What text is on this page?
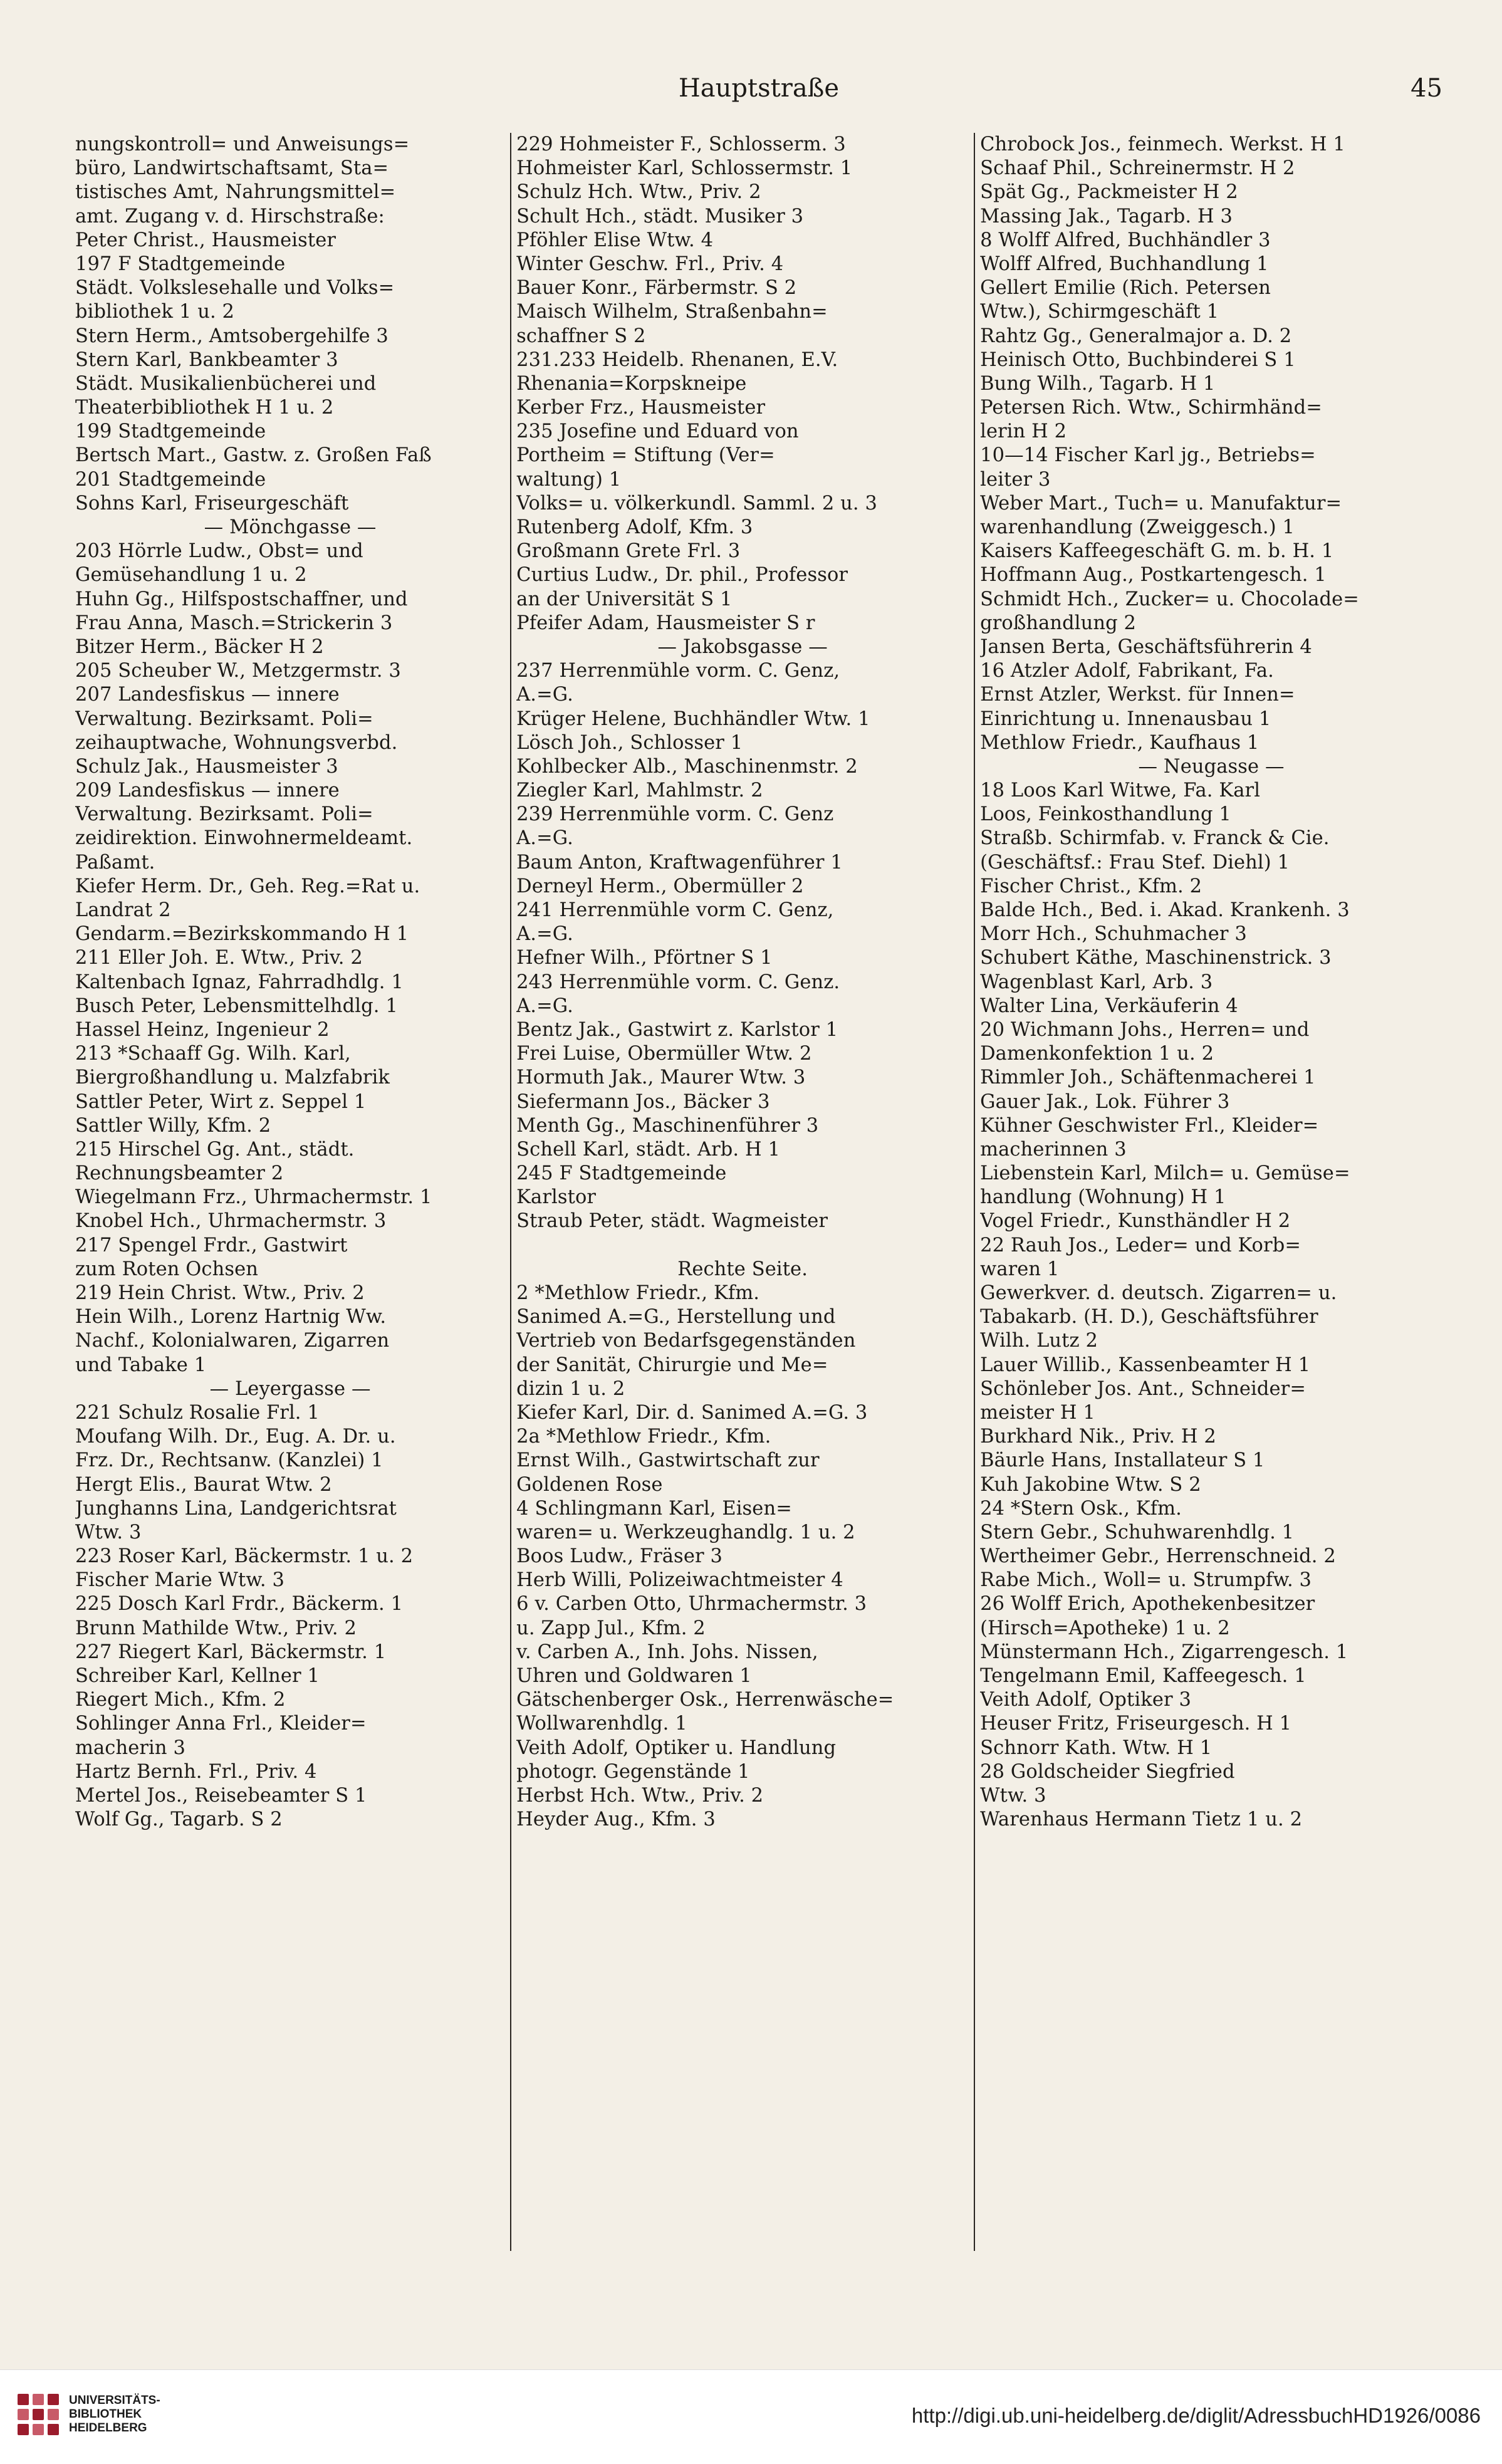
Hauptstraße	45
nungskontroll= und Anweisungs=
büro, Landwirtschaftsamt, Sta=
tistisches Amt, Nahrungsmittel=
amt. Zugang v. d. Hirschstraße:
Peter Christ., Hausmeister
197 F Stadtgemeinde
Städt. Volkslesehalle und Volks=
bibliothek 1 u. 2
Stern Herm., Amtsobergehilfe 3
Stern Karl, Bankbeamter 3
Städt. Musikalienbücherei und
Theaterbibliothek H 1 u. 2
199 Stadtgemeinde
Bertsch Mart., Gastw. z. Großen Faß
201 Stadtgemeinde
Sohns Karl, Friseurgeschäft
— Mönchgasse —
203 Hörrle Ludw., Obst= und
Gemüsehandlung 1 u. 2
Huhn Gg., Hilfspostschaffner, und
Frau Anna, Masch.=Strickerin 3
Bitzer Herm., Bäcker H 2
205 Scheuber W., Metzgermstr. 3
207 Landesfiskus — innere
Verwaltung. Bezirksamt. Poli=
zeihauptwache, Wohnungsverbd.
Schulz Jak., Hausmeister 3
209 Landesfiskus — innere
Verwaltung. Bezirksamt. Poli=
zeidirektion. Einwohnermeldeamt.
Paßamt.
Kiefer Herm. Dr., Geh. Reg.=Rat u.
Landrat 2
Gendarm.=Bezirkskommando H 1
211 Eller Joh. E. Wtw., Priv. 2
Kaltenbach Ignaz, Fahrradhdlg. 1
Busch Peter, Lebensmittelhdlg. 1
Hassel Heinz, Ingenieur 2
213 *Schaaff Gg. Wilh. Karl,
Biergroßhandlung u. Malzfabrik
Sattler Peter, Wirt z. Seppel 1
Sattler Willy, Kfm. 2
215 Hirschel Gg. Ant., städt.
Rechnungsbeamter 2
Wiegelmann Frz., Uhrmachermstr. 1
Knobel Hch., Uhrmachermstr. 3
217 Spengel Frdr., Gastwirt
zum Roten Ochsen
219 Hein Christ. Wtw., Priv. 2
Hein Wilh., Lorenz Hartnig Ww.
Nachf., Kolonialwaren, Zigarren
und Tabake 1
— Leyergasse —
221 Schulz Rosalie Frl. 1
Moufang Wilh. Dr., Eug. A. Dr. u.
Frz. Dr., Rechtsanw. (Kanzlei) 1
Hergt Elis., Baurat Wtw. 2
Junghanns Lina, Landgerichtsrat
Wtw. 3
223 Roser Karl, Bäckermstr. 1 u. 2
Fischer Marie Wtw. 3
225 Dosch Karl Frdr., Bäckerm. 1
Brunn Mathilde Wtw., Priv. 2
227 Riegert Karl, Bäckermstr. 1
Schreiber Karl, Kellner 1
Riegert Mich., Kfm. 2
Sohlinger Anna Frl., Kleider=
macherin 3
Hartz Bernh. Frl., Priv. 4
Mertel Jos., Reisebeamter S 1
Wolf Gg., Tagarb. S 2
229 Hohmeister F., Schlosserm. 3
Hohmeister Karl, Schlossermstr. 1
Schulz Hch. Wtw., Priv. 2
Schult Hch., städt. Musiker 3
Pföhler Elise Wtw. 4
Winter Geschw. Frl., Priv. 4
Bauer Konr., Färbermstr. S 2
Maisch Wilhelm, Straßenbahn=
schaffner S 2
231.233 Heidelb. Rhenanen, E.V.
Rhenania=Korpskneipe
Kerber Frz., Hausmeister
235 Josefine und Eduard von
Portheim = Stiftung (Ver=
waltung) 1
Volks= u. völkerkundl. Samml. 2 u. 3
Rutenberg Adolf, Kfm. 3
Großmann Grete Frl. 3
Curtius Ludw., Dr. phil., Professor
an der Universität S 1
Pfeifer Adam, Hausmeister S r
— Jakobsgasse —
237 Herrenmühle vorm. C. Genz,
A.=G.
Krüger Helene, Buchhändler Wtw. 1
Lösch Joh., Schlosser 1
Kohlbecker Alb., Maschinenmstr. 2
Ziegler Karl, Mahlmstr. 2
239 Herrenmühle vorm. C. Genz
A.=G.
Baum Anton, Kraftwagenführer 1
Derneyl Herm., Obermüller 2
241 Herrenmühle vorm C. Genz,
A.=G.
Hefner Wilh., Pförtner S 1
243 Herrenmühle vorm. C. Genz.
A.=G.
Bentz Jak., Gastwirt z. Karlstor 1
Frei Luise, Obermüller Wtw. 2
Hormuth Jak., Maurer Wtw. 3
Siefermann Jos., Bäcker 3
Menth Gg., Maschinenführer 3
Schell Karl, städt. Arb. H 1
245 F Stadtgemeinde
Karlstor
Straub Peter, städt. Wagmeister
Rechte Seite.
2 *Methlow Friedr., Kfm.
Sanimed A.=G., Herstellung und
Vertrieb von Bedarfsgegenständen
der Sanität, Chirurgie und Me=
dizin 1 u. 2
Kiefer Karl, Dir. d. Sanimed A.=G. 3
2a *Methlow Friedr., Kfm.
Ernst Wilh., Gastwirtschaft zur
Goldenen Rose
4 Schlingmann Karl, Eisen=
waren= u. Werkzeughandlg. 1 u. 2
Boos Ludw., Fräser 3
Herb Willi, Polizeiwachtmeister 4
6 v. Carben Otto, Uhrmachermstr. 3
u. Zapp Jul., Kfm. 2
v. Carben A., Inh. Johs. Nissen,
Uhren und Goldwaren 1
Gätschenberger Osk., Herrenwäsche=
Wollwarenhdlg. 1
Veith Adolf, Optiker u. Handlung
photogr. Gegenstände 1
Herbst Hch. Wtw., Priv. 2
Heyder Aug., Kfm. 3
Chrobock Jos., feinmech. Werkst. H 1
Schaaf Phil., Schreinermstr. H 2
Spät Gg., Packmeister H 2
Massing Jak., Tagarb. H 3
8 Wolff Alfred, Buchhändler 3
Wolff Alfred, Buchhandlung 1
Gellert Emilie (Rich. Petersen
Wtw.), Schirmgeschäft 1
Rahtz Gg., Generalmajor a. D. 2
Heinisch Otto, Buchbinderei S 1
Bung Wilh., Tagarb. H 1
Petersen Rich. Wtw., Schirmhänd=
lerin H 2
10—14 Fischer Karl jg., Betriebs=
leiter 3
Weber Mart., Tuch= u. Manufaktur=
warenhandlung (Zweiggesch.) 1
Kaisers Kaffeegeschäft G. m. b. H. 1
Hoffmann Aug., Postkartengesch. 1
Schmidt Hch., Zucker= u. Chocolade=
großhandlung 2
Jansen Berta, Geschäftsführerin 4
16 Atzler Adolf, Fabrikant, Fa.
Ernst Atzler, Werkst. für Innen=
Einrichtung u. Innenausbau 1
Methlow Friedr., Kaufhaus 1
— Neugasse —
18 Loos Karl Witwe, Fa. Karl
Loos, Feinkosthandlung 1
Straßb. Schirmfab. v. Franck & Cie.
(Geschäftsf.: Frau Stef. Diehl) 1
Fischer Christ., Kfm. 2
Balde Hch., Bed. i. Akad. Krankenh. 3
Morr Hch., Schuhmacher 3
Schubert Käthe, Maschinenstrick. 3
Wagenblast Karl, Arb. 3
Walter Lina, Verkäuferin 4
20 Wichmann Johs., Herren= und
Damenkonfektion 1 u. 2
Rimmler Joh., Schäftenmacherei 1
Gauer Jak., Lok. Führer 3
Kühner Geschwister Frl., Kleider=
macherinnen 3
Liebenstein Karl, Milch= u. Gemüse=
handlung (Wohnung) H 1
Vogel Friedr., Kunsthändler H 2
22 Rauh Jos., Leder= und Korb=
waren 1
Gewerkver. d. deutsch. Zigarren= u.
Tabakarb. (H. D.), Geschäftsführer
Wilh. Lutz 2
Lauer Willib., Kassenbeamter H 1
Schönleber Jos. Ant., Schneider=
meister H 1
Burkhard Nik., Priv. H 2
Bäurle Hans, Installateur S 1
Kuh Jakobine Wtw. S 2
24 *Stern Osk., Kfm.
Stern Gebr., Schuhwarenhdlg. 1
Wertheimer Gebr., Herrenschneid. 2
Rabe Mich., Woll= u. Strumpfw. 3
26 Wolff Erich, Apothekenbesitzer
(Hirsch=Apotheke) 1 u. 2
Münstermann Hch., Zigarrengesch. 1
Tengelmann Emil, Kaffeegesch. 1
Veith Adolf, Optiker 3
Heuser Fritz, Friseurgesch. H 1
Schnorr Kath. Wtw. H 1
28 Goldscheider Siegfried
Wtw. 3
Warenhaus Hermann Tietz 1 u. 2
UNIVERSITÄTS-
BIBLIOTHEK
HEIDELBERG
http://digi.ub.uni-heidelberg.de/diglit/AdressbuchHD1926/0086
